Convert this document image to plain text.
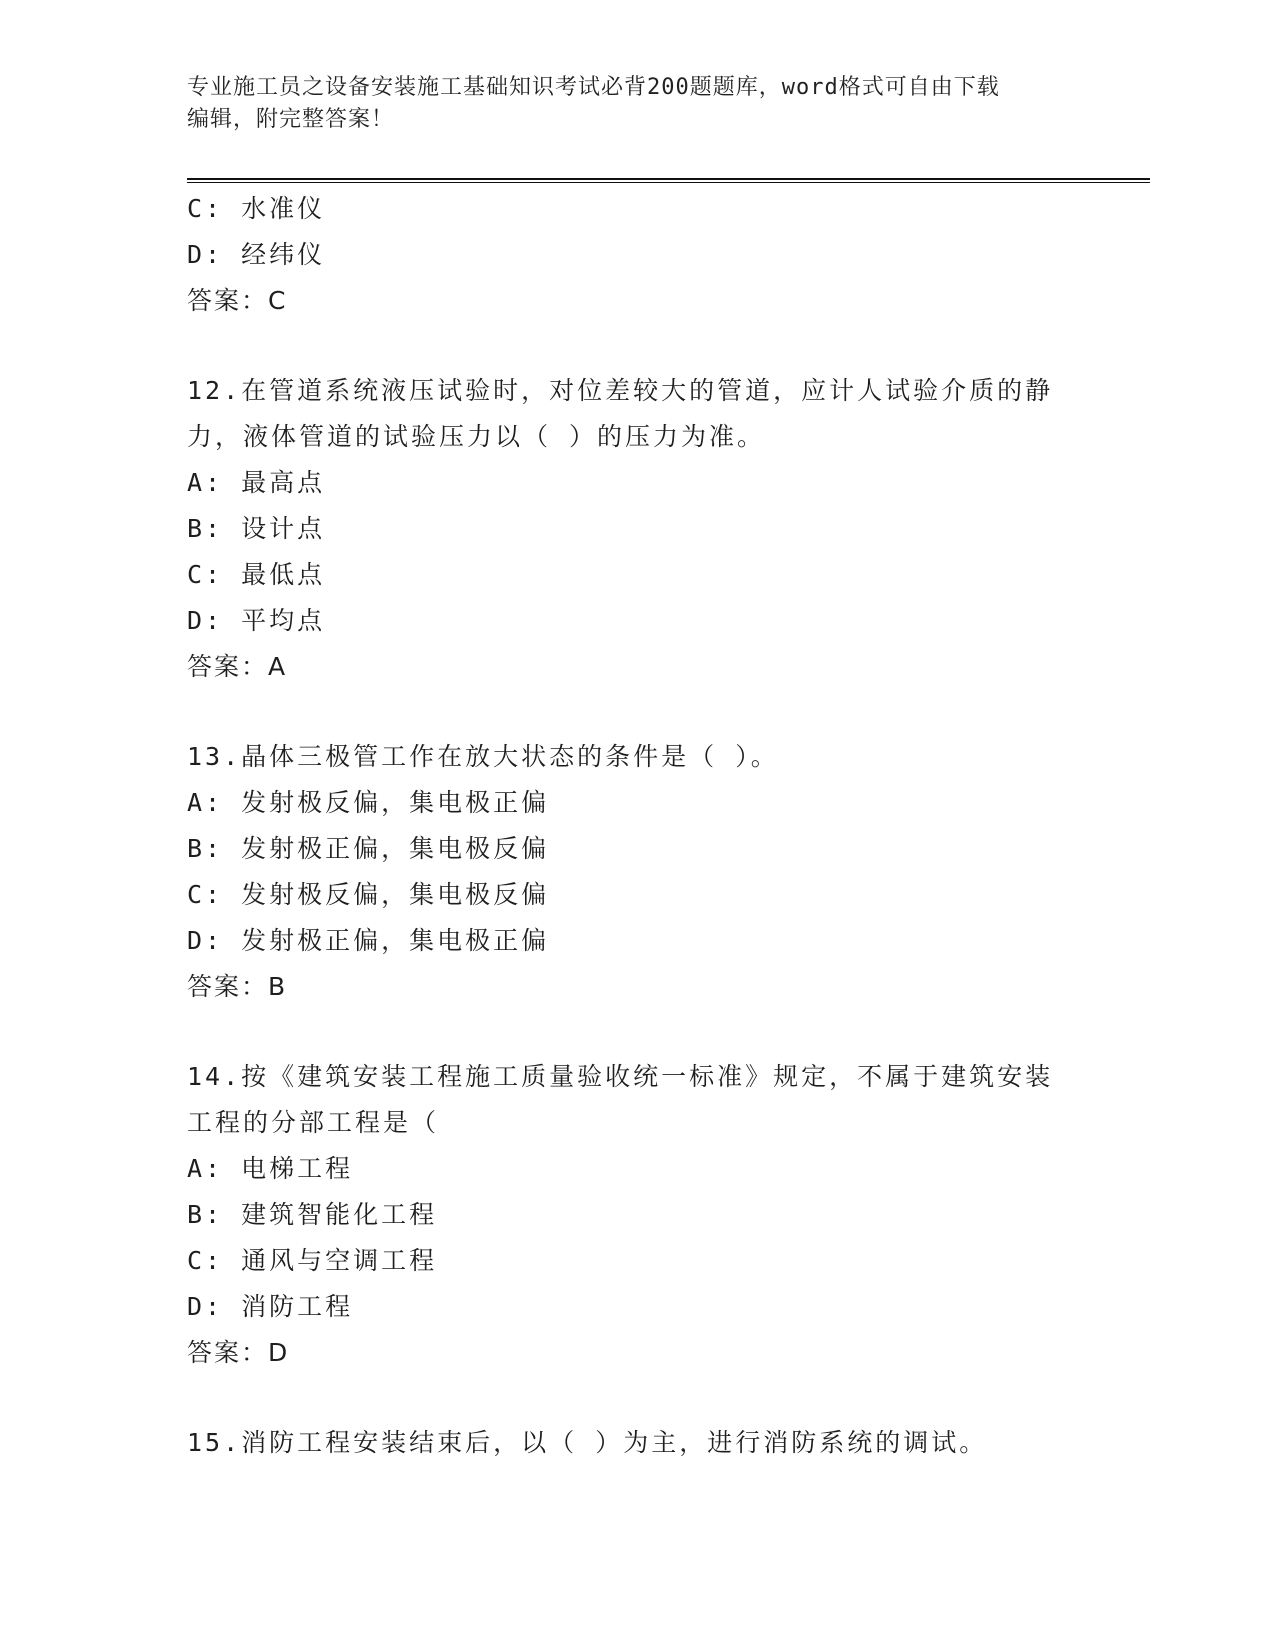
专业施工员之设备安装施工基础知识考试必背200题题库，word格式可自由下载
编辑，附完整答案！
C: 水准仪
D: 经纬仪
答案：C
12.在管道系统液压试验时，对位差较大的管道，应计人试验介质的静
力，液体管道的试验压力以（ ）的压力为准。
A: 最高点
B: 设计点
C: 最低点
D: 平均点
答案：A
13.晶体三极管工作在放大状态的条件是（ ）。
A: 发射极反偏，集电极正偏
B: 发射极正偏，集电极反偏
C: 发射极反偏，集电极反偏
D: 发射极正偏，集电极正偏
答案：B
14.按《建筑安装工程施工质量验收统一标准》规定，不属于建筑安装
工程的分部工程是（
A: 电梯工程
B: 建筑智能化工程
C: 通风与空调工程
D: 消防工程
答案：D
15.消防工程安装结束后，以（ ）为主，进行消防系统的调试。
